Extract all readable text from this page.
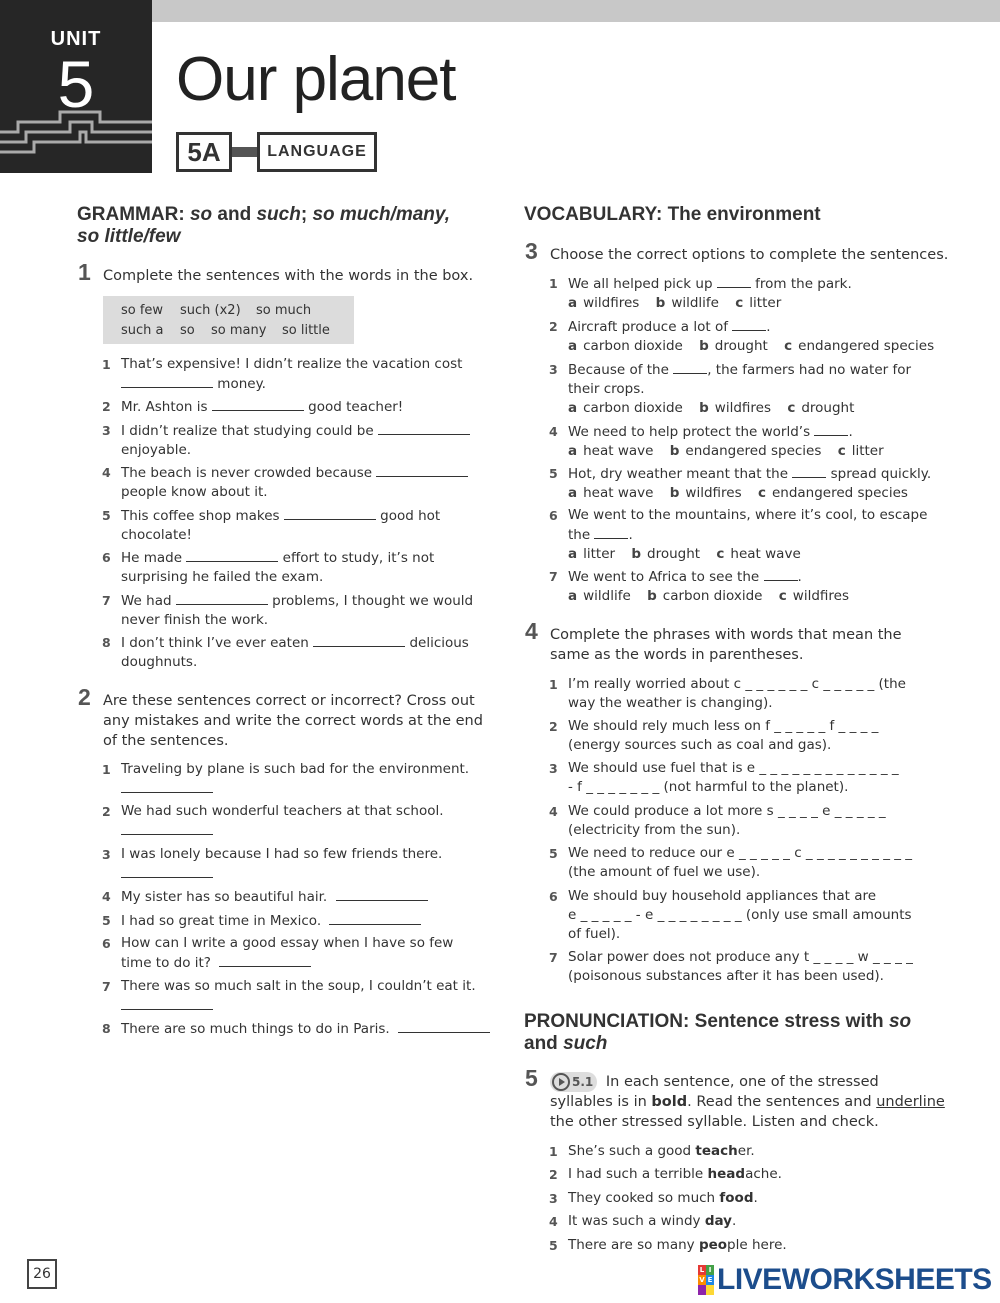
UNIT
5	Our planet
5A	LANGUAGE
GRAMMAR: so and such; so much/many,
so little/few
1 Complete the sentences with the words in the box.
so few such (x2) so much
such a so so many so little
1 That’s expensive! I didn’t realize the vacation cost
money.
2 Mr. Ashton is	good teacher!
3 I didn’t realize that studying could be
enjoyable.
4 The beach is never crowded because
people know about it.
5 This coffee shop makes	good hot
chocolate!
6 He made	effort to study, it’s not
surprising he failed the exam.
7 We had	problems, I thought we would
never finish the work.
8 I don’t think I’ve ever eaten	delicious
doughnuts.
2 Are these sentences correct or incorrect? Cross out
any mistakes and write the correct words at the end
of the sentences.
1 Traveling by plane is such bad for the environment.

2 We had such wonderful teachers at that school.

3 I was lonely because I had so few friends there.

4 My sister has so beautiful hair.
5 I had so great time in Mexico.
6 How can I write a good essay when I have so few
time to do it?
7 There was so much salt in the soup, I couldn’t eat it.

8 There are so much things to do in Paris.
VOCABULARY: The environment
3 Choose the correct options to complete the sentences.
1 We all helped pick up	from the park.
a wildfires b wildlife c litter
2 Aircraft produce a lot of	.
a carbon dioxide b drought c endangered species
3 Because of the	, the farmers had no water for
their crops.
a carbon dioxide b wildfires c drought
4 We need to help protect the world’s	.
a heat wave b endangered species c litter
5 Hot, dry weather meant that the	spread quickly.
a heat wave b wildfires c endangered species
6 We went to the mountains, where it’s cool, to escape
the	.
a litter b drought c heat wave
7 We went to Africa to see the	.
a wildlife b carbon dioxide c wildfires
4 Complete the phrases with words that mean the
same as the words in parentheses.
1 I’m really worried about c _ _ _ _ _ _ c _ _ _ _ _ (the
way the weather is changing).
2 We should rely much less on f _ _ _ _ _ f _ _ _ _
(energy sources such as coal and gas).
3 We should use fuel that is e _ _ _ _ _ _ _ _ _ _ _ _ _
- f _ _ _ _ _ _ _ (not harmful to the planet).
4 We could produce a lot more s _ _ _ _ e _ _ _ _ _
(electricity from the sun).
5 We need to reduce our e _ _ _ _ _ c _ _ _ _ _ _ _ _ _ _
(the amount of fuel we use).
6 We should buy household appliances that are
e _ _ _ _ _ - e _ _ _ _ _ _ _ _ (only use small amounts
of fuel).
7 Solar power does not produce any t _ _ _ _ w _ _ _ _
(poisonous substances after it has been used).
PRONUNCIATION: Sentence stress with so
and such
5	5.1 In each sentence, one of the stressed
syllables is in bold. Read the sentences and underline
the other stressed syllable. Listen and check.
1 She’s such a good teacher.
2 I had such a terrible headache.
3 They cooked so much food.
4 It was such a windy day.
5 There are so many people here.
26	L I
V E LIVEWORKSHEETS
